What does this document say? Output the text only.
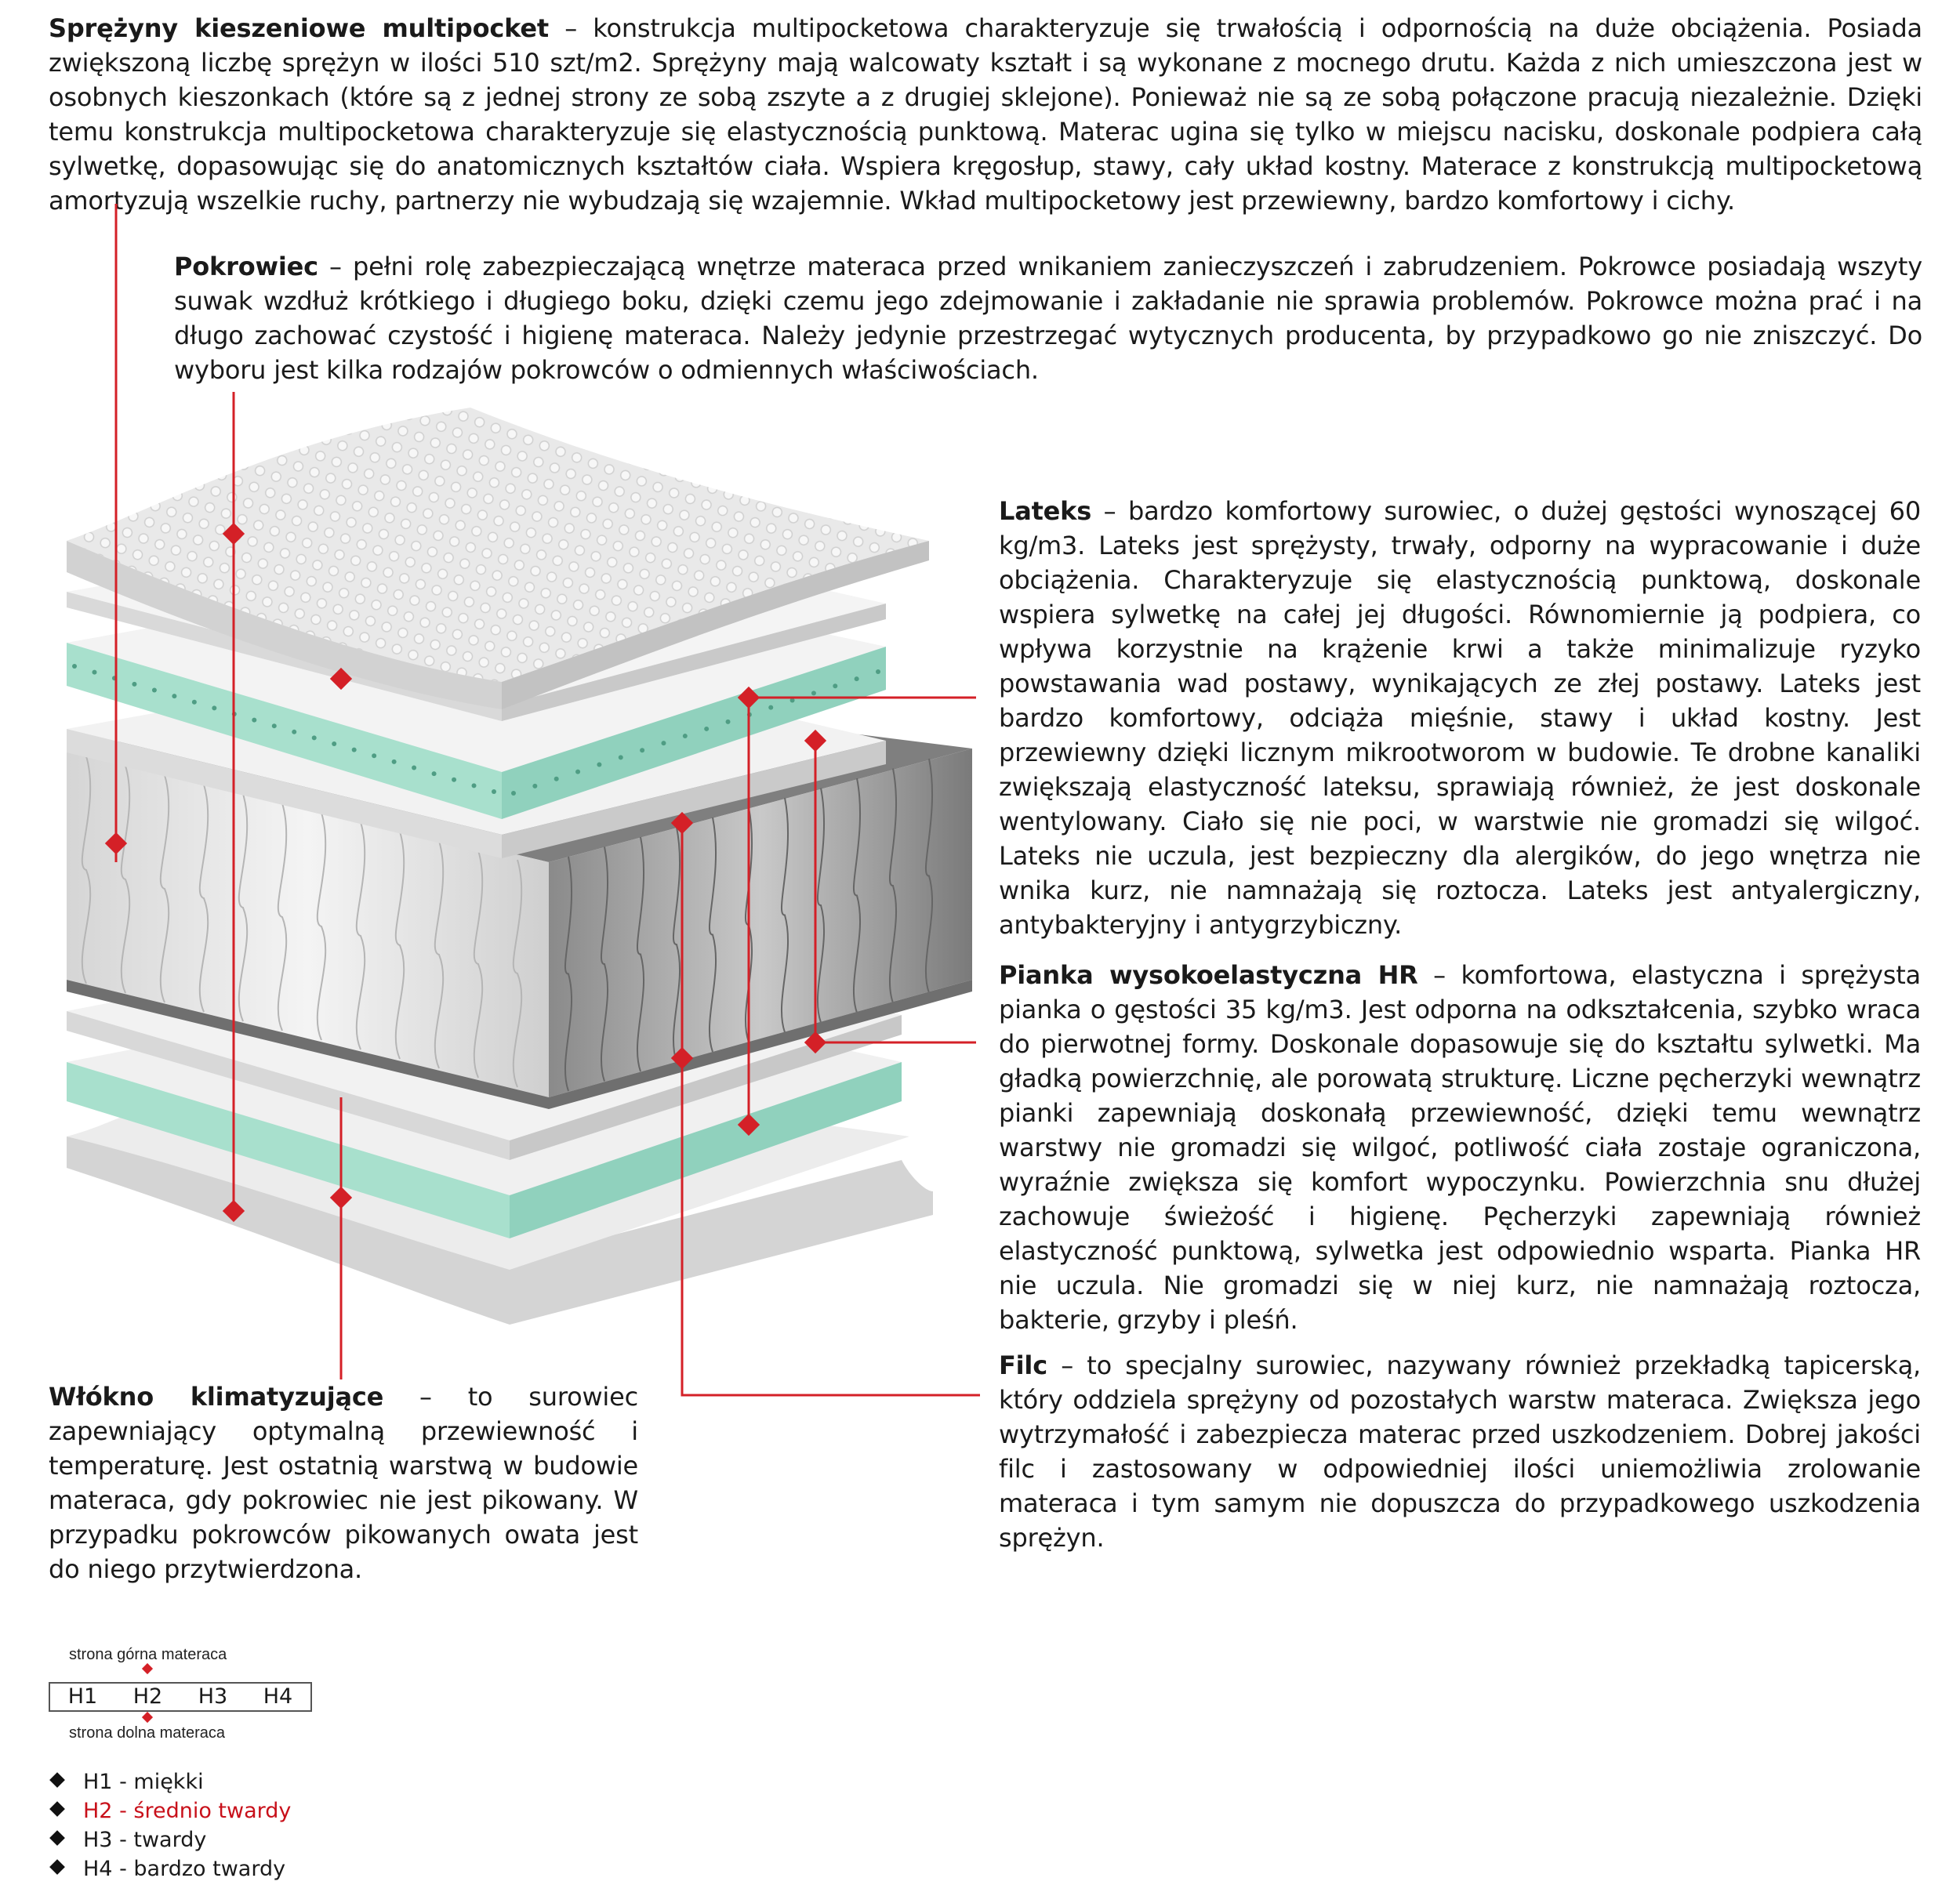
Sprężyny kieszeniowe multipocket – konstrukcja multipocketowa charakteryzuje się trwałością i odpornością na duże obciążenia. Posiada zwiększoną liczbę sprężyn w ilości 510 szt/m2. Sprężyny mają walcowaty kształt i są wykonane z mocnego drutu. Każda z nich umieszczona jest w osobnych kieszonkach (które są z jednej strony ze sobą zszyte a z drugiej sklejone). Ponieważ nie są ze sobą połączone pracują niezależnie. Dzięki temu konstrukcja multipocketowa charakteryzuje się elastycznością punktową. Materac ugina się tylko w miejscu nacisku, doskonale podpiera całą sylwetkę, dopasowując się do anatomicznych kształtów ciała. Wspiera kręgosłup, stawy, cały układ kostny. Materace z konstrukcją multipocketową amortyzują wszelkie ruchy, partnerzy nie wybudzają się wzajemnie. Wkład multipocketowy jest przewiewny, bardzo komfortowy i cichy.

Pokrowiec – pełni rolę zabezpieczającą wnętrze materaca przed wnikaniem zanieczyszczeń i zabrudzeniem. Pokrowce posiadają wszyty suwak wzdłuż krótkiego i długiego boku, dzięki czemu jego zdejmowanie i zakładanie nie sprawia problemów. Pokrowce można prać i na długo zachować czystość i higienę materaca. Należy jedynie przestrzegać wytycznych producenta, by przypadkowo go nie zniszczyć. Do wyboru jest kilka rodzajów pokrowców o odmiennych właściwościach.

Lateks – bardzo komfortowy surowiec, o dużej gęstości wynoszącej 60 kg/m3. Lateks jest sprężysty, trwały, odporny na wypracowanie i duże obciążenia. Charakteryzuje się elastycznością punktową, doskonale wspiera sylwetkę na całej jej długości. Równomiernie ją podpiera, co wpływa korzystnie na krążenie krwi a także minimalizuje ryzyko powstawania wad postawy, wynikających ze złej postawy. Lateks jest bardzo komfortowy, odciąża mięśnie, stawy i układ kostny. Jest przewiewny dzięki licznym mikrootworom w budowie. Te drobne kanaliki zwiększają elastyczność lateksu, sprawiają również, że jest doskonale wentylowany. Ciało się nie poci, w warstwie nie gromadzi się wilgoć. Lateks nie uczula, jest bezpieczny dla alergików, do jego wnętrza nie wnika kurz, nie namnażają się roztocza. Lateks jest antyalergiczny, antybakteryjny i antygrzybiczny.

Pianka wysokoelastyczna HR – komfortowa, elastyczna i sprężysta pianka o gęstości 35 kg/m3. Jest odporna na odkształcenia, szybko wraca do pierwotnej formy. Doskonale dopasowuje się do kształtu sylwetki. Ma gładką powierzchnię, ale porowatą strukturę. Liczne pęcherzyki wewnątrz pianki zapewniają doskonałą przewiewność, dzięki temu wewnątrz warstwy nie gromadzi się wilgoć, potliwość ciała zostaje ograniczona, wyraźnie zwiększa się komfort wypoczynku. Powierzchnia snu dłużej zachowuje świeżość i higienę. Pęcherzyki zapewniają również elastyczność punktową, sylwetka jest odpowiednio wsparta. Pianka HR nie uczula. Nie gromadzi się w niej kurz, nie namnażają roztocza, bakterie, grzyby i pleśń.

Filc – to specjalny surowiec, nazywany również przekładką tapicerską, który oddziela sprężyny od pozostałych warstw materaca. Zwiększa jego wytrzymałość i zabezpiecza materac przed uszkodzeniem. Dobrej jakości filc i zastosowany w odpowiedniej ilości uniemożliwia zrolowanie materaca i tym samym nie dopuszcza do przypadkowego uszkodzenia sprężyn.

Włókno klimatyzujące – to surowiec zapewniający optymalną przewiewność i temperaturę. Jest ostatnią warstwą w budowie materaca, gdy pokrowiec nie jest pikowany. W przypadku pokrowców pikowanych owata jest do niego przytwierdzona.

strona górna materaca
H1	H2	H3	H4
strona dolna materaca
H1 - miękki
H2 - średnio twardy
H3 - twardy
H4 - bardzo twardy
